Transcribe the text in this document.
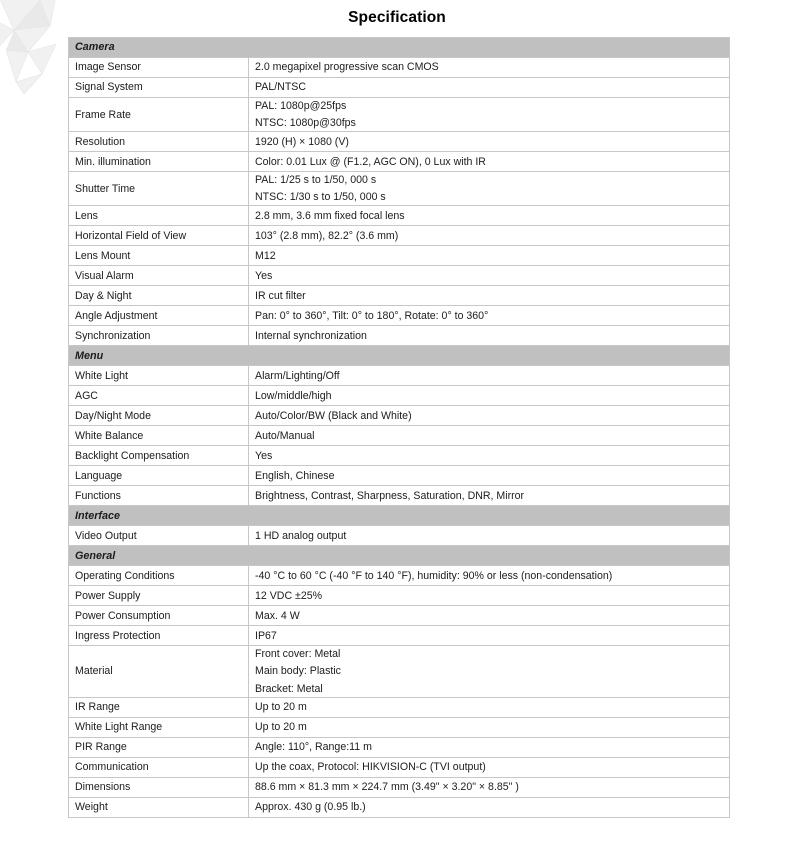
Specification
Camera	
Image Sensor	2.0 megapixel progressive scan CMOS

Signal System	PAL/NTSC

Frame Rate	PAL: 1080p@25fps
NTSC: 1080p@30fps

Resolution	1920 (H) × 1080 (V)

Min. illumination	Color: 0.01 Lux @ (F1.2, AGC ON), 0 Lux with IR

Shutter Time	PAL: 1/25 s to 1/50, 000 s
NTSC: 1/30 s to 1/50, 000 s

Lens	2.8 mm, 3.6 mm fixed focal lens

Horizontal Field of View	103° (2.8 mm), 82.2° (3.6 mm)

Lens Mount	M12

Visual Alarm	Yes

Day & Night	IR cut filter

Angle Adjustment	Pan: 0° to 360°, Tilt: 0° to 180°, Rotate: 0° to 360°

Synchronization	Internal synchronization

Menu	
White Light	Alarm/Lighting/Off

AGC	Low/middle/high

Day/Night Mode	Auto/Color/BW (Black and White)

White Balance	Auto/Manual

Backlight Compensation	Yes

Language	English, Chinese

Functions	Brightness, Contrast, Sharpness, Saturation, DNR, Mirror

Interface	
Video Output	1 HD analog output

General	
Operating Conditions	-40 °C to 60 °C (-40 °F to 140 °F), humidity: 90% or less (non-condensation)

Power Supply	12 VDC ±25%

Power Consumption	Max. 4 W

Ingress Protection	IP67

Material	Front cover: Metal
Main body: Plastic
Bracket: Metal

IR Range	Up to 20 m

White Light Range	Up to 20 m

PIR Range	Angle: 110°, Range:11 m

Communication	Up the coax, Protocol: HIKVISION-C (TVI output)

Dimensions	88.6 mm × 81.3 mm × 224.7 mm (3.49" × 3.20" × 8.85" )

Weight	Approx. 430 g (0.95 lb.)
